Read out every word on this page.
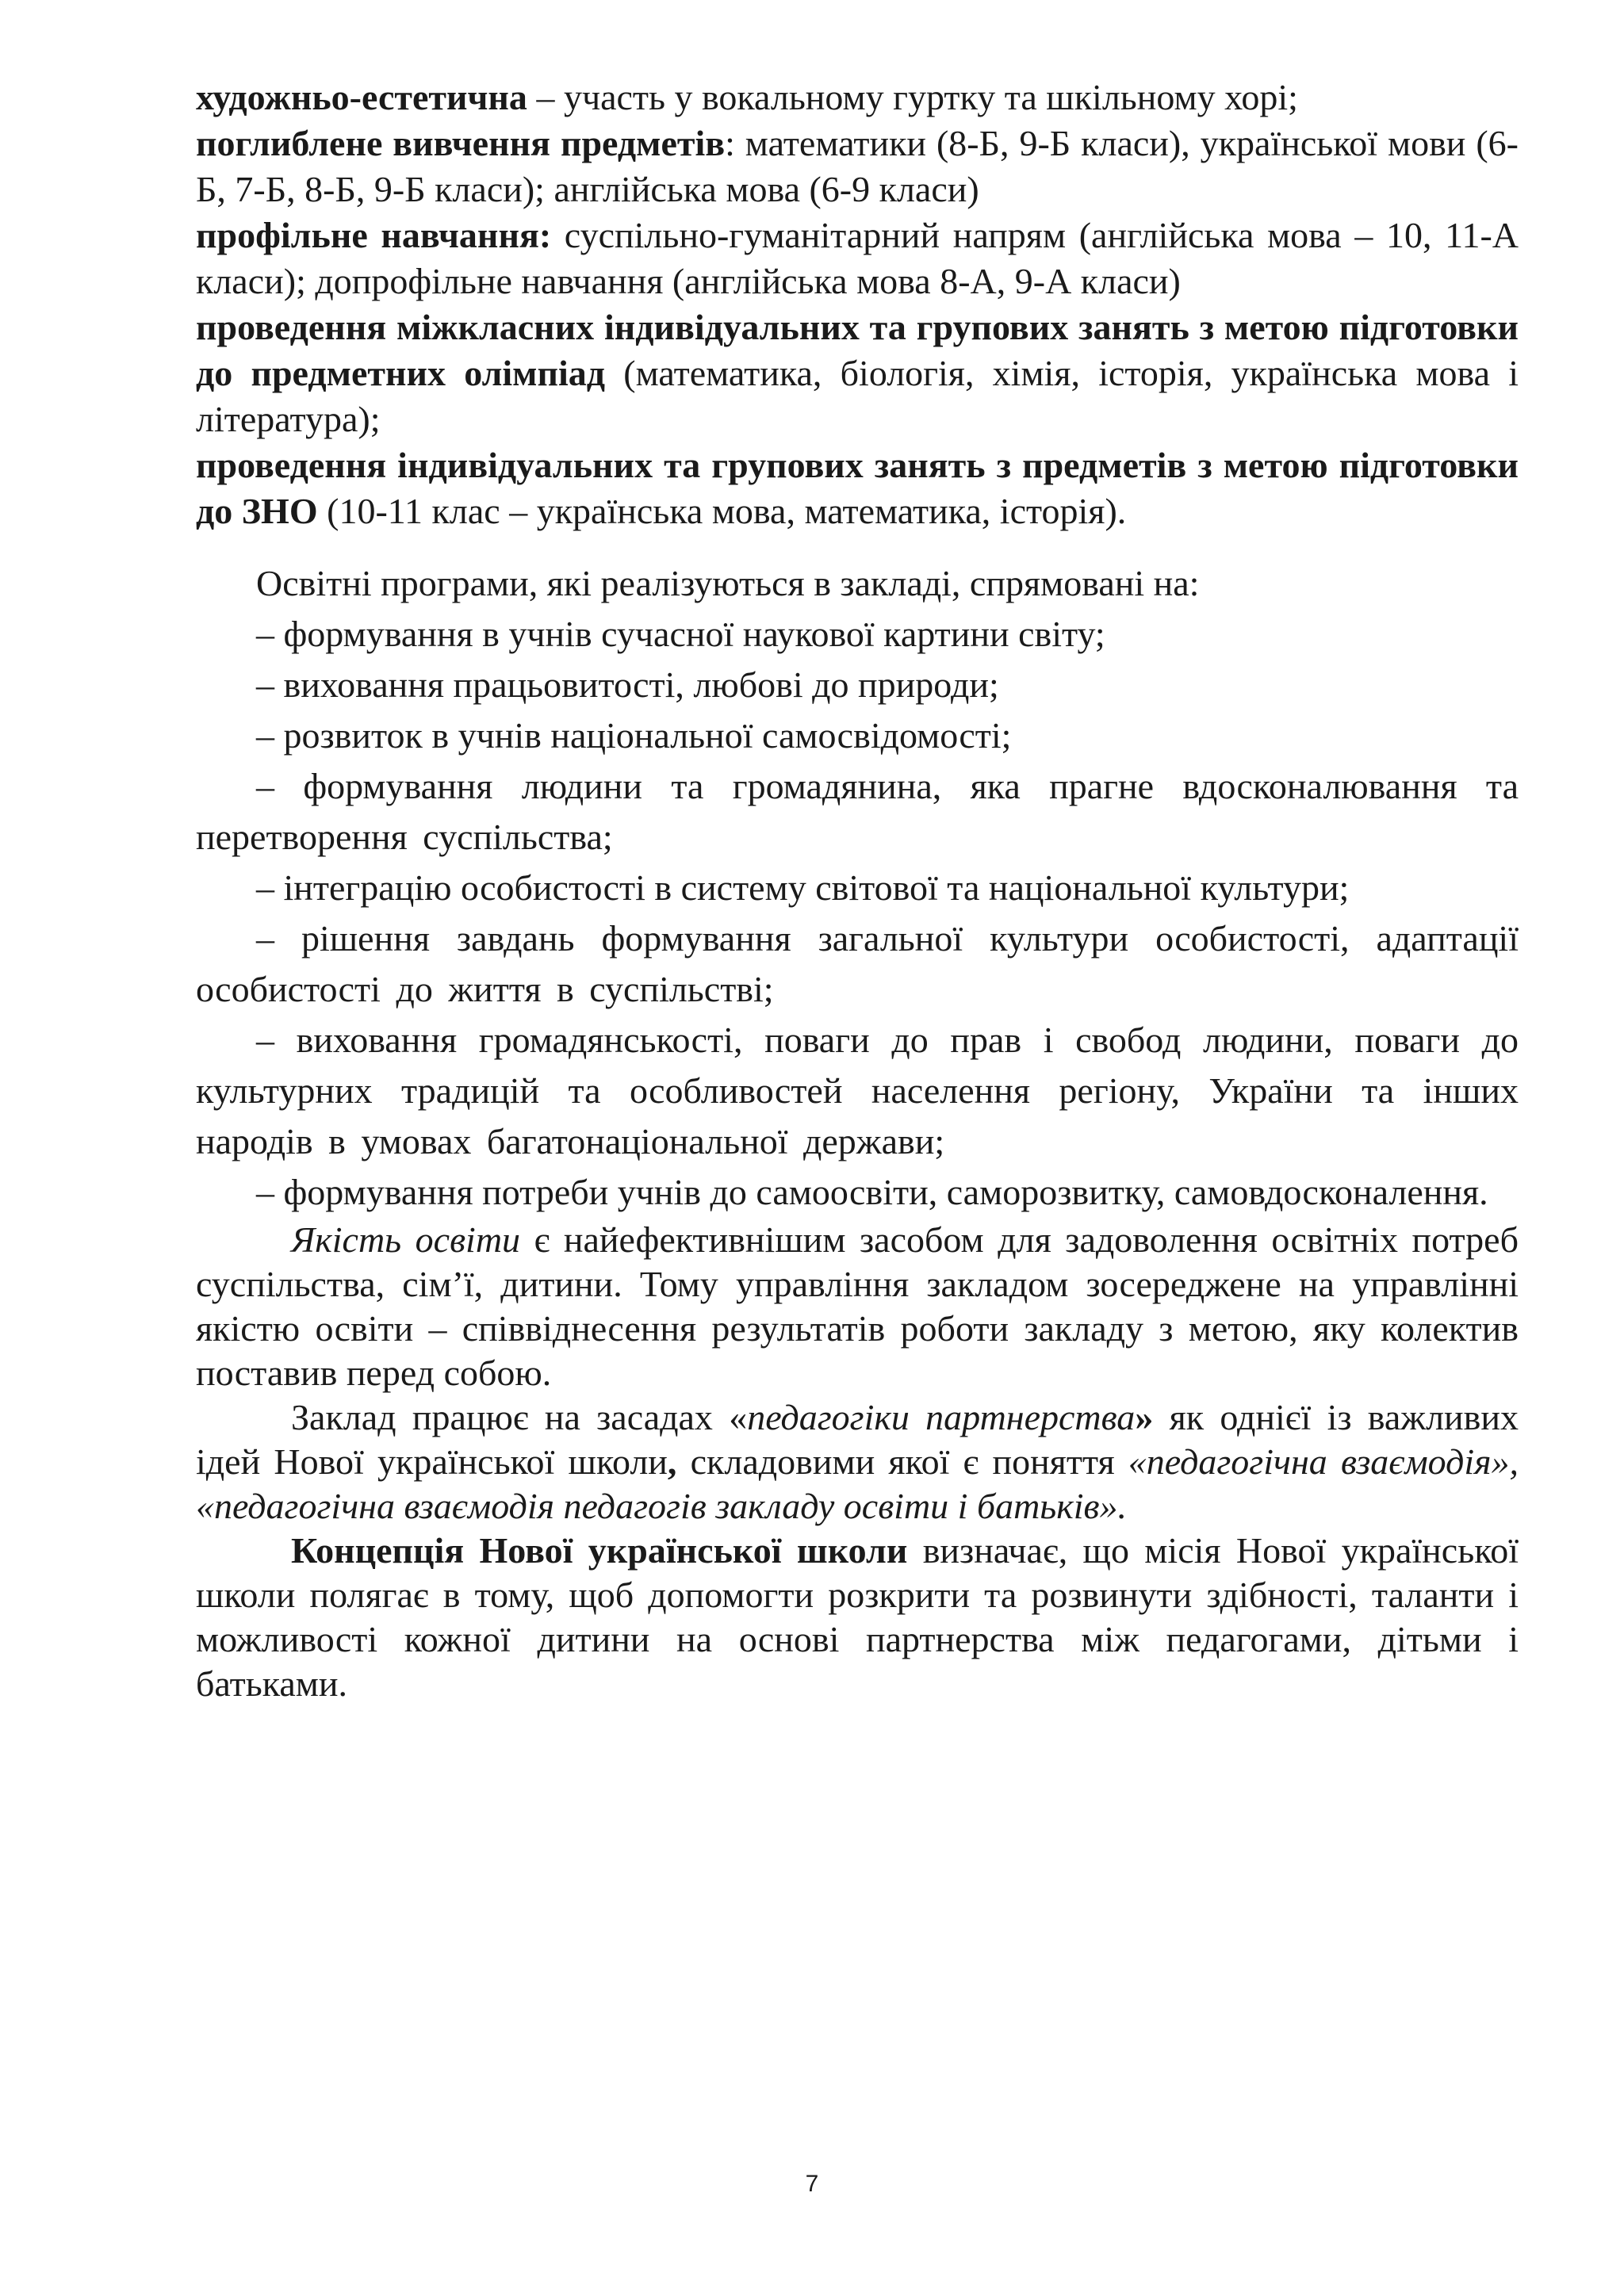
художньо-естетична – участь у вокальному гуртку та шкільному хорі;

поглиблене вивчення предметів: математики (8-Б, 9-Б класи), української мови (6-Б, 7-Б, 8-Б, 9-Б класи); англійська мова (6-9 класи)

профільне навчання: суспільно-гуманітарний напрям (англійська мова – 10, 11-А класи); допрофільне навчання (англійська мова 8-А, 9-А класи)

проведення міжкласних індивідуальних та групових занять з метою підготовки до предметних олімпіад (математика, біологія, хімія, історія, українська мова і література);

проведення індивідуальних та групових занять з предметів з метою підготовки до ЗНО (10-11 клас – українська мова, математика, історія).

Освітні програми, які реалізуються в закладі, спрямовані на:

– формування в учнів сучасної наукової картини світу;

– виховання працьовитості, любові до природи;

– розвиток в учнів національної самосвідомості;

– формування людини та громадянина, яка прагне вдосконалювання та перетворення суспільства;

– інтеграцію особистості в систему світової та національної культури;

– рішення завдань формування загальної культури особистості, адаптації особистості до життя в суспільстві;

– виховання громадянськості, поваги до прав і свобод людини, поваги до культурних традицій та особливостей населення регіону, України та інших народів в умовах багатонаціональної держави;

– формування потреби учнів до самоосвіти, саморозвитку, самовдосконалення.

Якість освіти є найефективнішим засобом для задоволення освітніх потреб суспільства, сім’ї, дитини. Тому управління закладом зосереджене на управлінні якістю освіти – співвіднесення результатів роботи закладу з метою, яку колектив поставив перед собою.

Заклад працює на засадах «педагогіки партнерства» як однієї із важливих ідей Нової української школи, складовими якої є поняття «педагогічна взаємодія», «педагогічна взаємодія педагогів закладу освіти і батьків».

Концепція Нової української школи визначає, що місія Нової української школи полягає в тому, щоб допомогти розкрити та розвинути здібності, таланти і можливості кожної дитини на основі партнерства між педагогами, дітьми і батьками.

7
